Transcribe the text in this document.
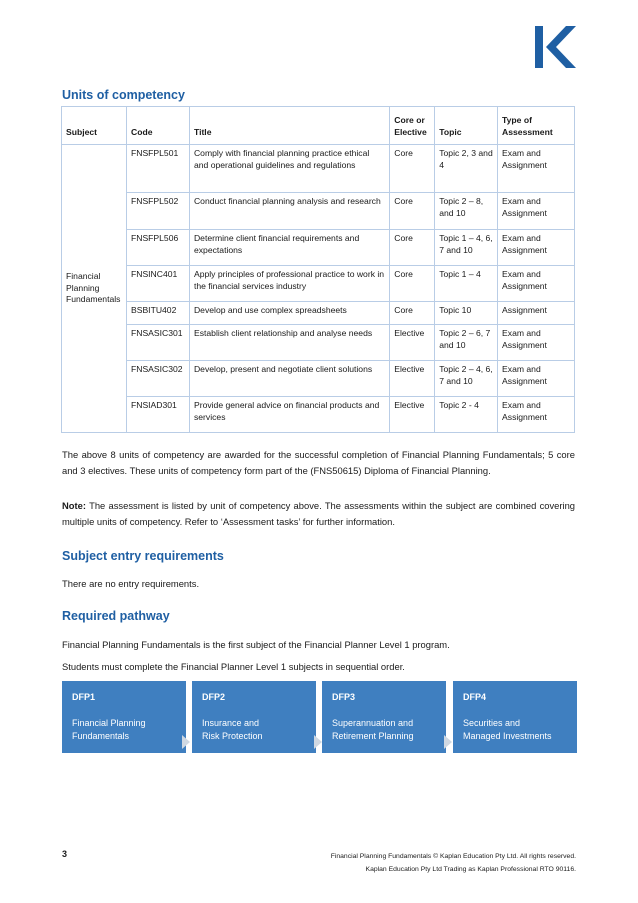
Units of competency
Subject	Code	Title	Core or Elective	Topic	Type of Assessment
Financial Planning Fundamentals	FNSFPL501	Comply with financial planning practice ethical and operational guidelines and regulations	Core	Topic 2, 3 and 4	Exam and Assignment
	FNSFPL502	Conduct financial planning analysis and research	Core	Topic 2 – 8, and 10	Exam and Assignment
	FNSFPL506	Determine client financial requirements and expectations	Core	Topic 1 – 4, 6, 7 and 10	Exam and Assignment
	FNSINC401	Apply principles of professional practice to work in the financial services industry	Core	Topic 1 – 4	Exam and Assignment
	BSBITU402	Develop and use complex spreadsheets	Core	Topic 10	Assignment
	FNSASIC301	Establish client relationship and analyse needs	Elective	Topic 2 – 6, 7 and 10	Exam and Assignment
	FNSASIC302	Develop, present and negotiate client solutions	Elective	Topic 2 – 4, 6, 7 and 10	Exam and Assignment
	FNSIAD301	Provide general advice on financial products and services	Elective	Topic 2 - 4	Exam and Assignment

The above 8 units of competency are awarded for the successful completion of Financial Planning Fundamentals; 5 core and 3 electives. These units of competency form part of the (FNS50615) Diploma of Financial Planning.

Note: The assessment is listed by unit of competency above. The assessments within the subject are combined covering multiple units of competency. Refer to ‘Assessment tasks’ for further information.

Subject entry requirements

There are no entry requirements.

Required pathway

Financial Planning Fundamentals is the first subject of the Financial Planner Level 1 program.

Students must complete the Financial Planner Level 1 subjects in sequential order.

DFP1
Financial Planning
Fundamentals
DFP2
Insurance and
Risk Protection
DFP3
Superannuation and
Retirement Planning
DFP4
Securities and
Managed Investments
3	Financial Planning Fundamentals © Kaplan Education Pty Ltd. All rights reserved.
Kaplan Education Pty Ltd Trading as Kaplan Professional RTO 90116.
